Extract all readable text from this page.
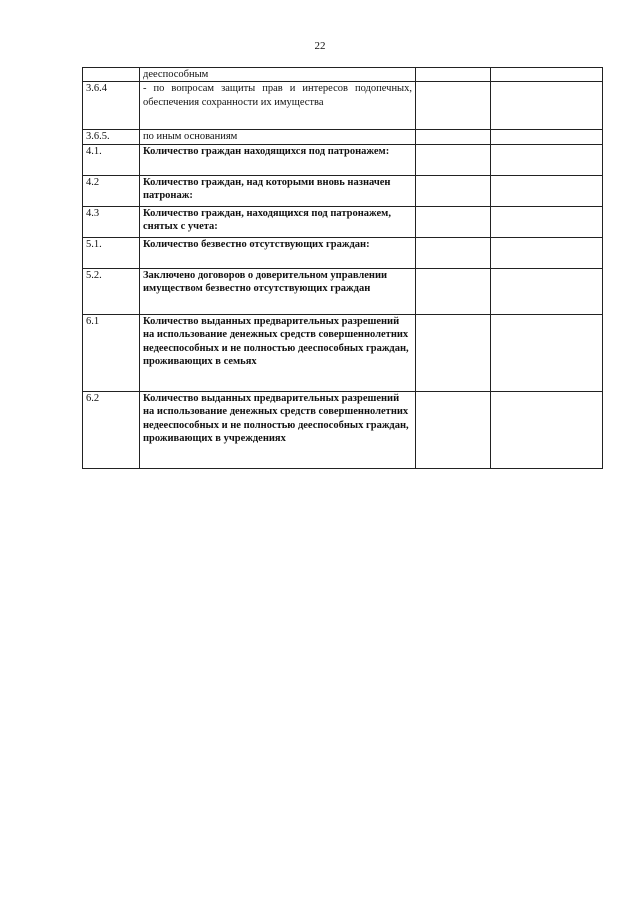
22
	дееспособным		
3.6.4	- по вопросам защиты прав и интересов подопечных, обеспечения сохранности их имущества		
3.6.5.	по иным основаниям		
4.1.	Количество граждан находящихся под патронажем:		
4.2	Количество граждан, над которыми вновь назначен патронаж:		
4.3	Количество граждан, находящихся под патронажем, снятых с учета:		
5.1.	Количество безвестно отсутствующих граждан:		
5.2.	Заключено договоров о доверительном управлении имуществом безвестно отсутствующих граждан		
6.1	Количество выданных предварительных разрешений на использование денежных средств совершеннолетних недееспособных и не полностью дееспособных граждан, проживающих в семьях		
6.2	Количество выданных предварительных разрешений на использование денежных средств совершеннолетних недееспособных и не полностью дееспособных граждан, проживающих в учреждениях		
